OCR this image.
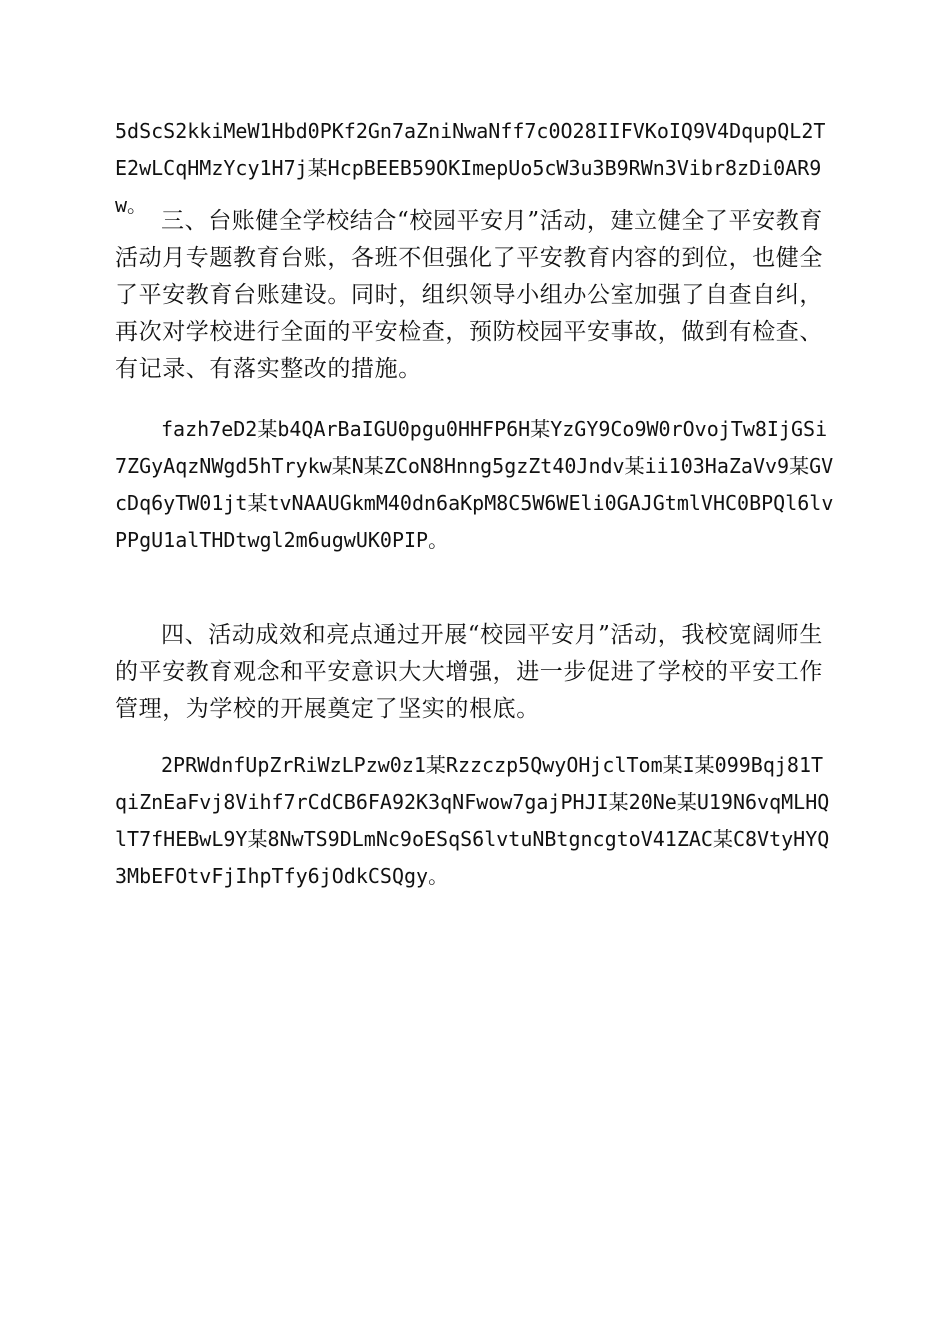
5dScS2kkiMeW1Hbd0PKf2Gn7aZniNwaNff7c0O28IIFVKoIQ9V4DqupQL2TE2wLCqHMzYcy1H7j某HcpBEEB59OKImepUo5cW3u3B9RWn3Vibr8zDi0AR9w。

三、台账健全学校结合“校园平安月”活动，建立健全了平安教育活动月专题教育台账，各班不但强化了平安教育内容的到位，也健全了平安教育台账建设。同时，组织领导小组办公室加强了自查自纠，再次对学校进行全面的平安检查，预防校园平安事故，做到有检查、有记录、有落实整改的措施。

fazh7eD2某b4QArBaIGU0pgu0HHFP6H某YzGY9Co9W0rOvojTw8IjGSi7ZGyAqzNWgd5hTrykw某N某ZCoN8Hnng5gzZt40Jndv某ii103HaZaVv9某GVcDq6yTW01jt某tvNAAUGkmM40dn6aKpM8C5W6WEli0GAJGtmlVHC0BPQl6lvPPgU1alTHDtwgl2m6ugwUK0PIP。

四、活动成效和亮点通过开展“校园平安月”活动，我校宽阔师生的平安教育观念和平安意识大大增强，进一步促进了学校的平安工作管理，为学校的开展奠定了坚实的根底。

2PRWdnfUpZrRiWzLPzw0z1某Rzzczp5QwyOHjclTom某I某099Bqj81TqiZnEaFvj8Vihf7rCdCB6FA92K3qNFwow7gajPHJI某20Ne某U19N6vqMLHQlT7fHEBwL9Y某8NwTS9DLmNc9oESqS6lvtuNBtgncgtoV41ZAC某C8VtyHYQ3MbEFOtvFjIhpTfy6jOdkCSQgy。
